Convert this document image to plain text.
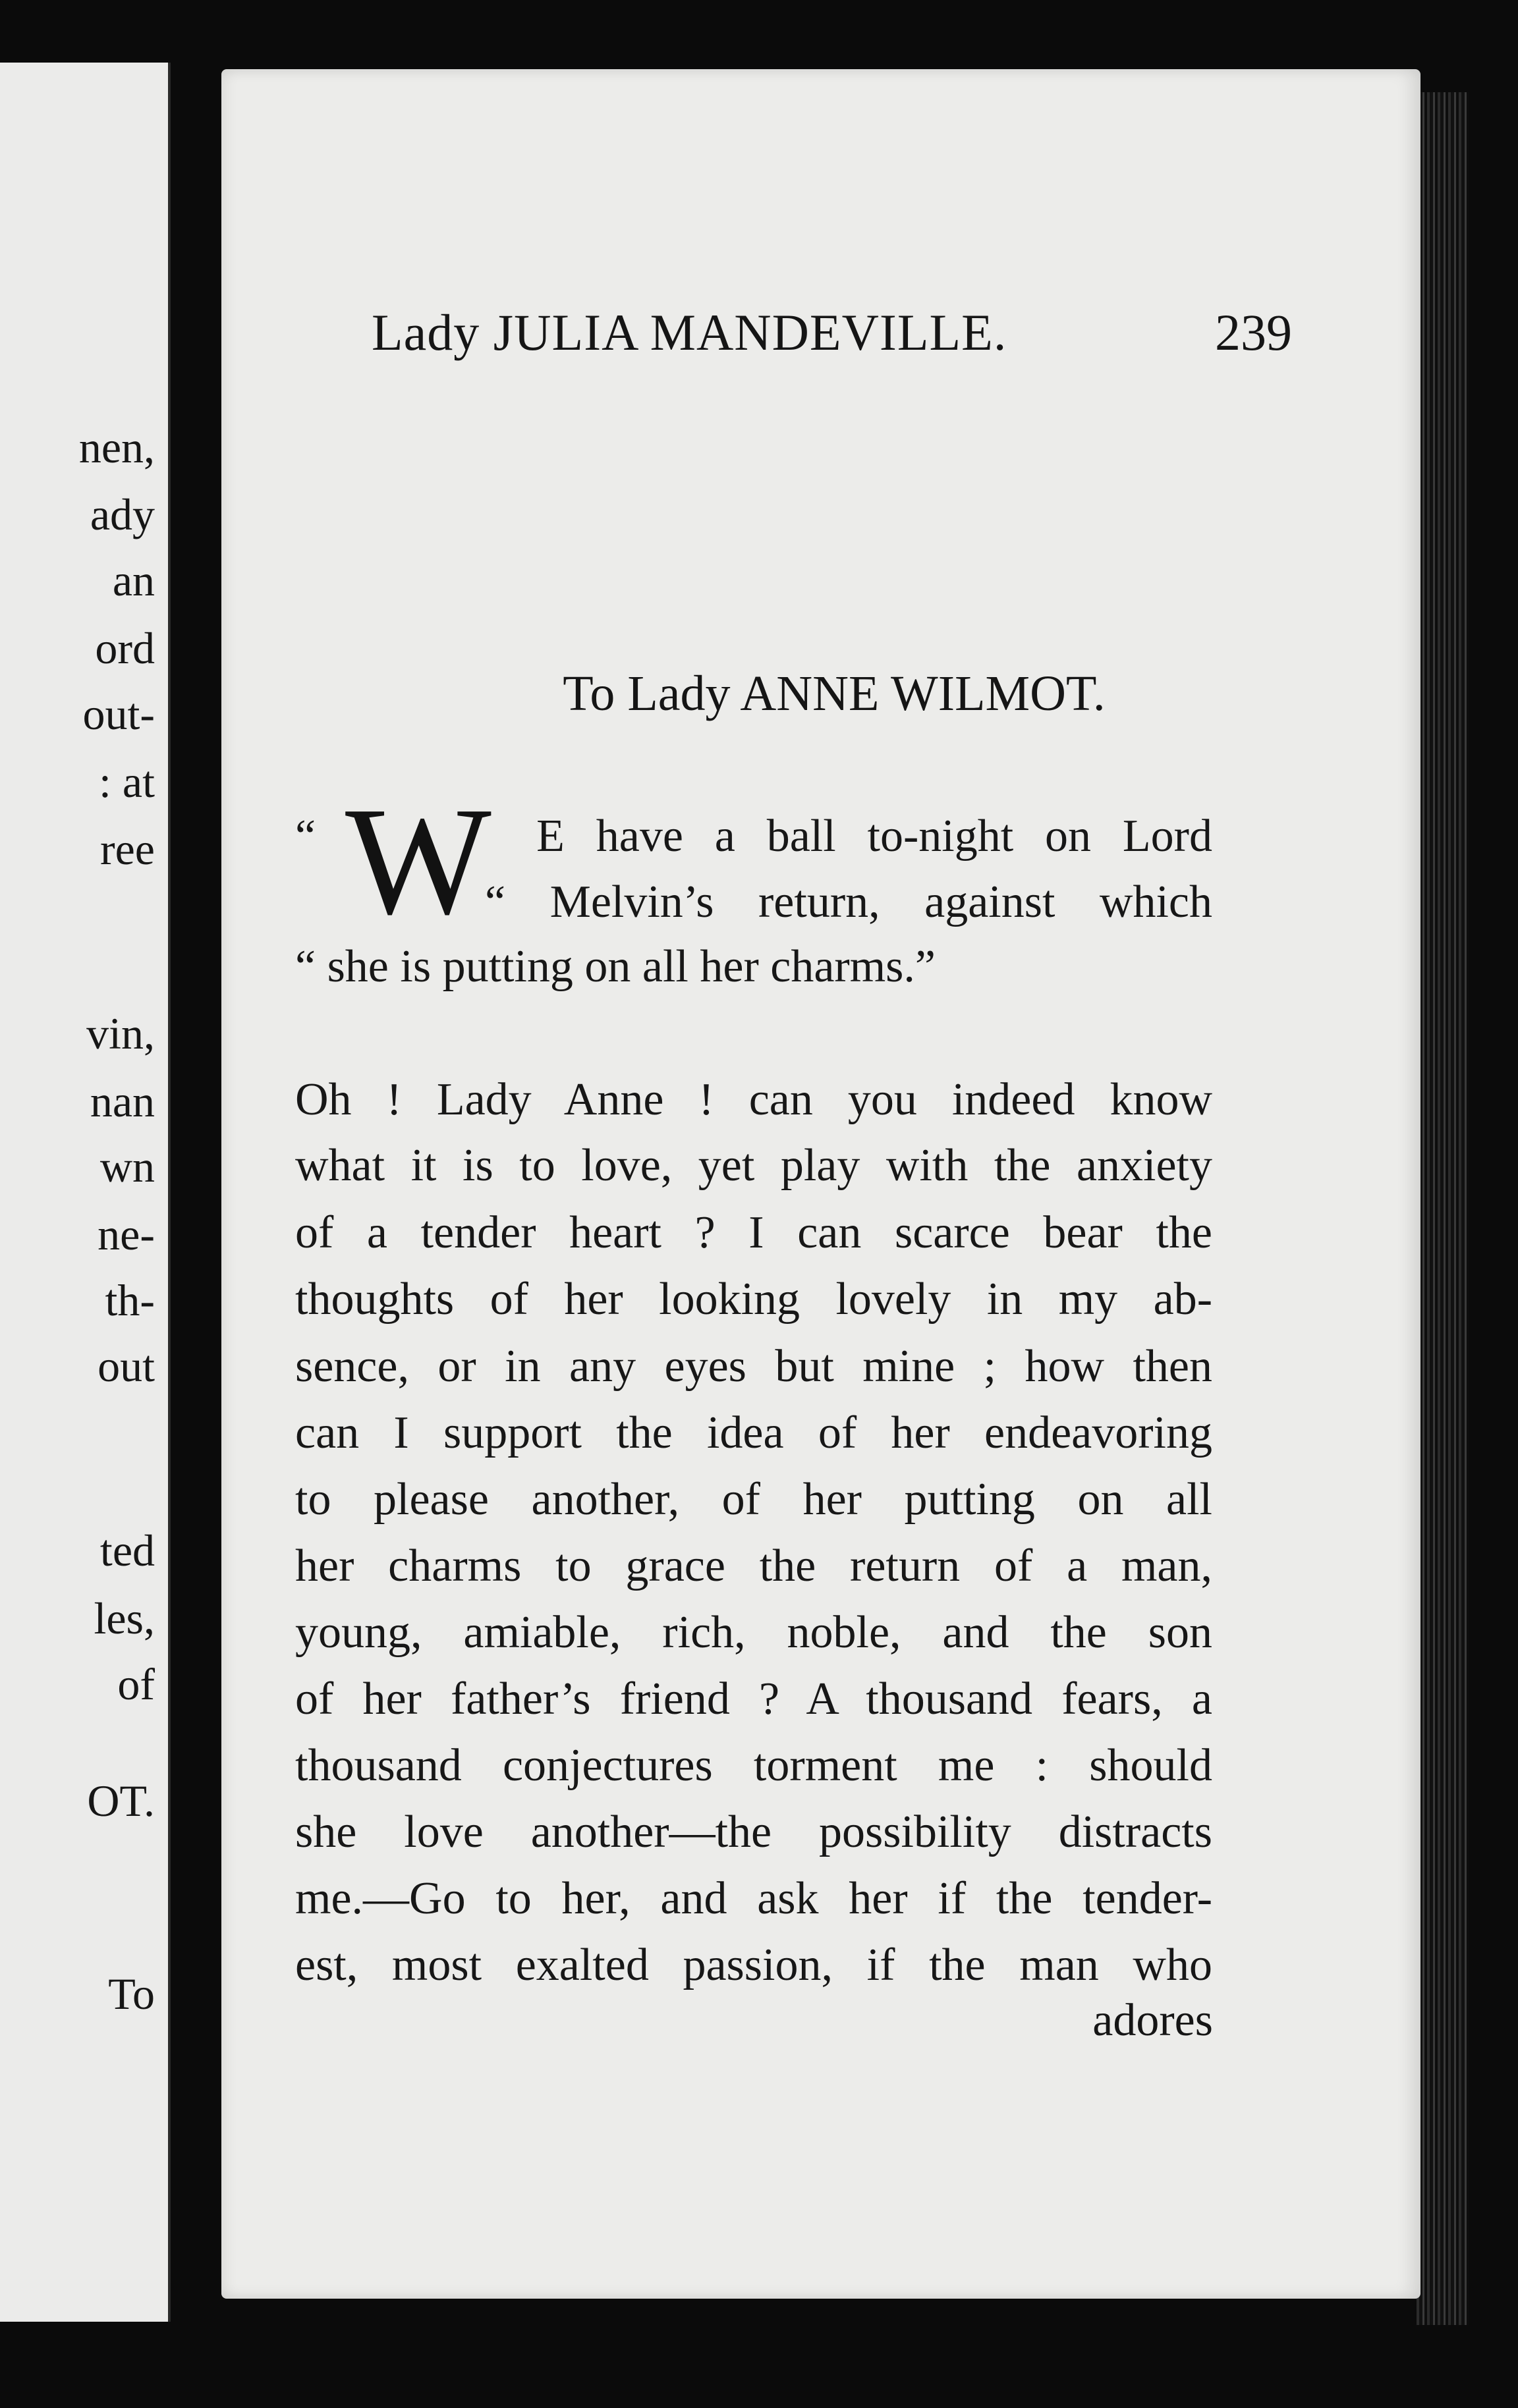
nen,
ady
an
ord
out-
: at
ree
vin,
nan
wn
ne-
th-
out
ted
les,
of
OT.
To
Lady JULIA MANDEVILLE.	239
To Lady ANNE WILMOT.
W
“       E have a ball to-night on Lord
“ Melvin’s return, against which
“ she is putting on all her charms.”
Oh ! Lady Anne ! can you indeed know
what it is to love, yet play with the anxiety
of a tender heart ? I can scarce bear the
thoughts of her looking lovely in my ab-
sence, or in any eyes but mine ; how then
can I support the idea of her endeavoring
to please another, of her putting on all
her charms to grace the return of a man,
young, amiable, rich, noble, and the son
of her father’s friend ? A thousand fears, a
thousand conjectures torment me : should
she love another—the possibility distracts
me.—Go to her, and ask her if the tender-
est, most exalted passion, if the man who
adores
